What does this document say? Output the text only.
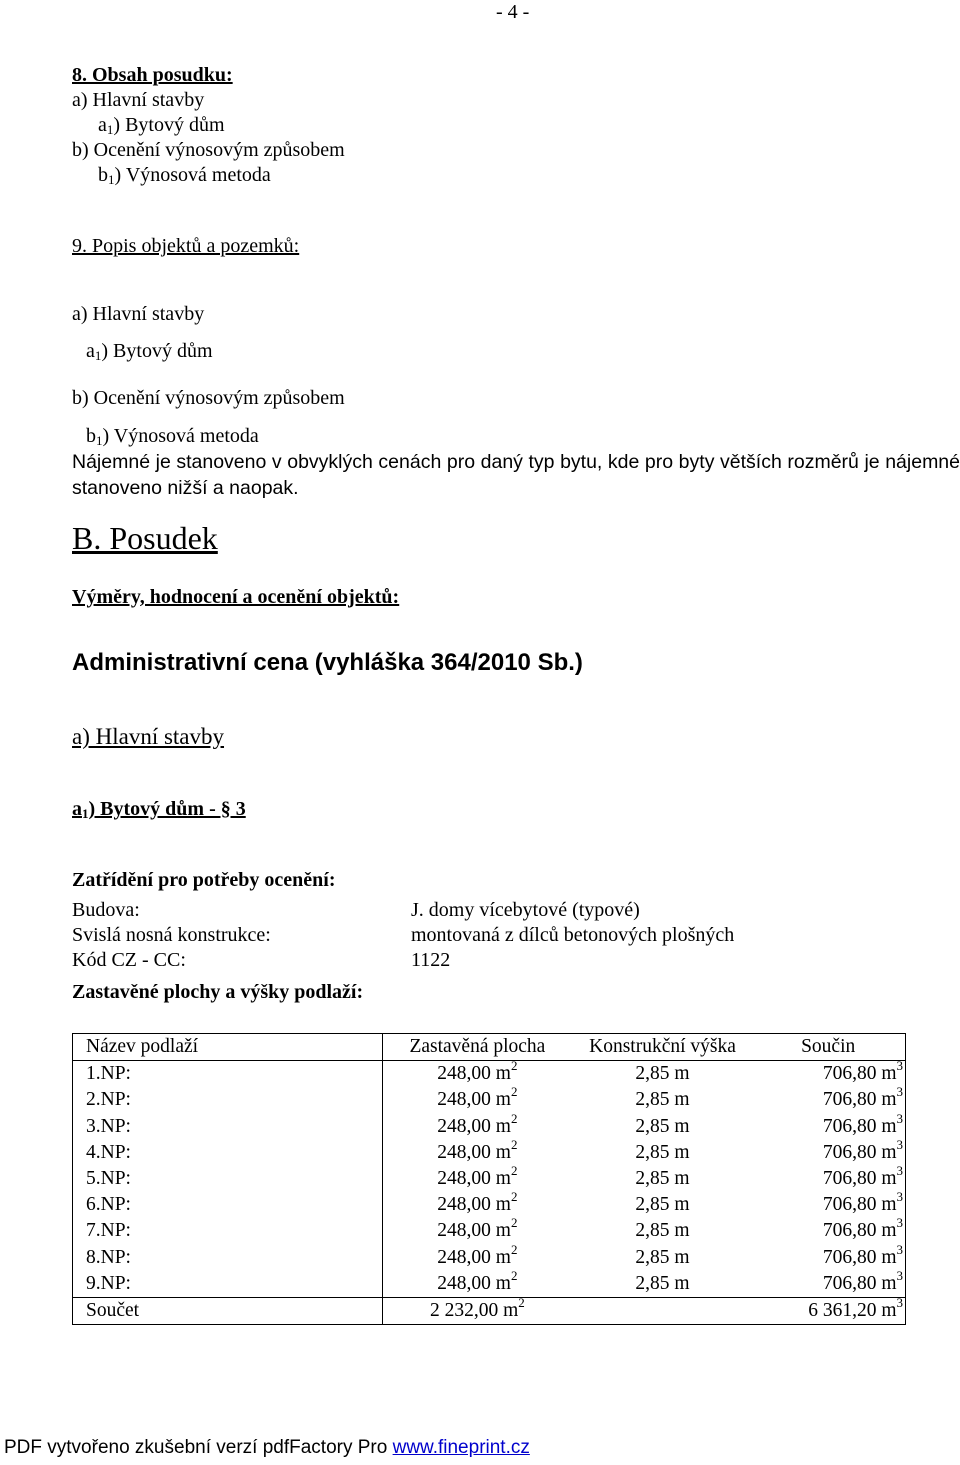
- 4 -
8. Obsah posudku:
a) Hlavní stavby
$a_1$) Bytový dům
b) Ocenění výnosovým způsobem
$b_1$) Výnosová metoda
9. Popis objektů a pozemků:
a) Hlavní stavby
$a_1$) Bytový dům
b) Ocenění výnosovým způsobem
$b_1$) Výnosová metoda
Nájemné je stanoveno v obvyklých cenách pro daný typ bytu, kde pro byty větších rozměrů je nájemné stanoveno nižší a naopak.
B. Posudek
Výměry, hodnocení a ocenění objektů:
Administrativní cena (vyhláška 364/2010 Sb.)
a) Hlavní stavby
$a_1$) Bytový dům - § 3
Zatřídění pro potřeby ocenění:
Budova:	J. domy vícebytové (typové)
Svislá nosná konstrukce:	montovaná z dílců betonových plošných
Kód CZ - CC:	1122
Zastavěné plochy a výšky podlaží:
Název podlaží	Zastavěná plocha	Konstrukční výška	Součin
1.NP:	248,00 $m^2$	2,85 m	706,80 $m^3$
2.NP:	248,00 $m^2$	2,85 m	706,80 $m^3$
3.NP:	248,00 $m^2$	2,85 m	706,80 $m^3$
4.NP:	248,00 $m^2$	2,85 m	706,80 $m^3$
5.NP:	248,00 $m^2$	2,85 m	706,80 $m^3$
6.NP:	248,00 $m^2$	2,85 m	706,80 $m^3$
7.NP:	248,00 $m^2$	2,85 m	706,80 $m^3$
8.NP:	248,00 $m^2$	2,85 m	706,80 $m^3$
9.NP:	248,00 $m^2$	2,85 m	706,80 $m^3$
Součet	2 232,00 $m^2$		6 361,20 $m^3$
PDF vytvořeno zkušební verzí pdfFactory Pro www.fineprint.cz
